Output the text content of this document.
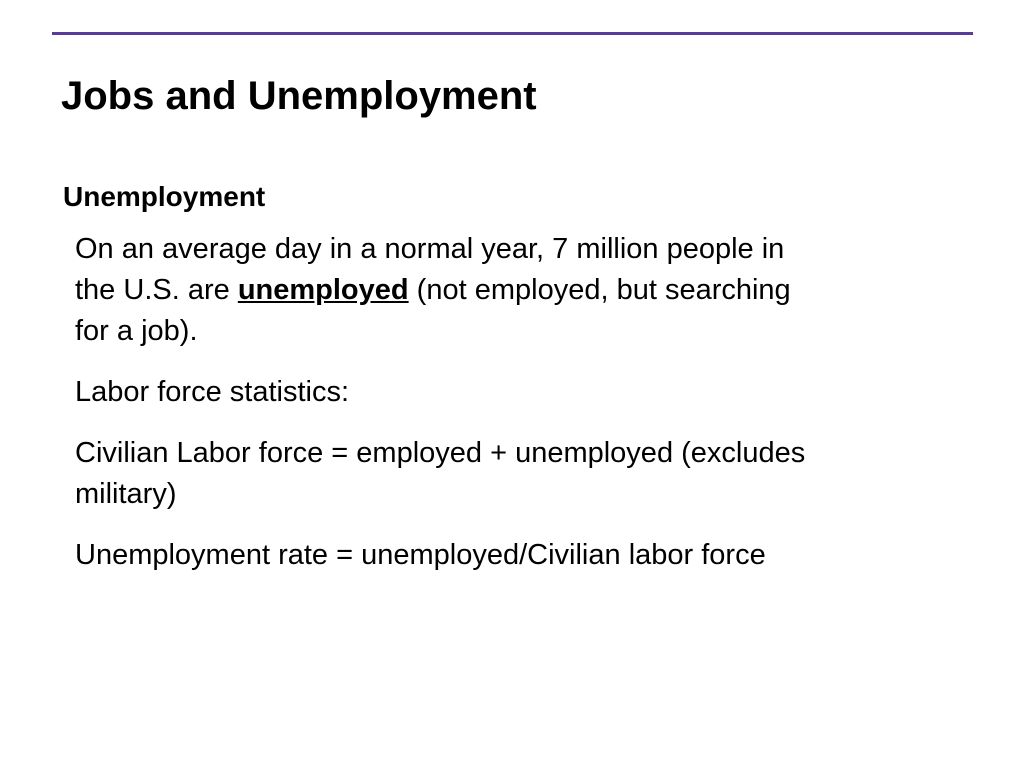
Jobs and Unemployment
Unemployment

On an average day in a normal year, 7 million people in
the U.S. are unemployed (not employed, but searching
for a job).

Labor force statistics:

Civilian Labor force = employed + unemployed (excludes
military)

Unemployment rate = unemployed/Civilian labor force
